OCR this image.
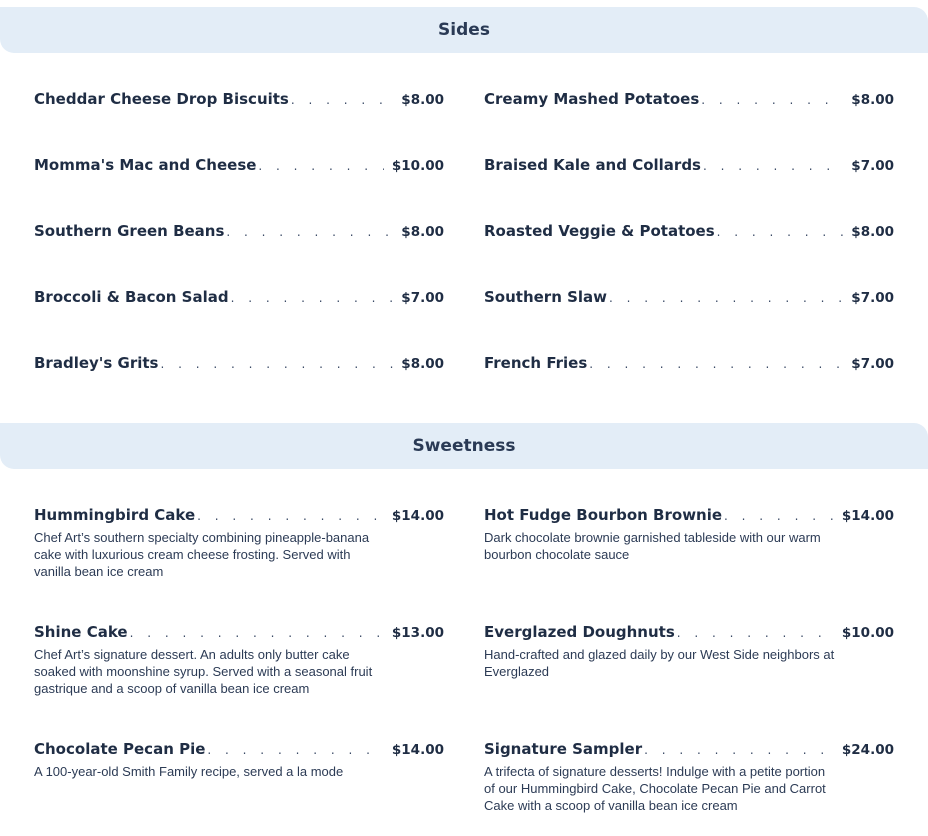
Sides
Cheddar Cheese Drop Biscuits . . .	$8.00
Momma's Mac and Cheese . . .	$10.00
Southern Green Beans . . .	$8.00
Broccoli & Bacon Salad . . .	$7.00
Bradley's Grits . . .	$8.00
Creamy Mashed Potatoes . . .	$8.00
Braised Kale and Collards . . .	$7.00
Roasted Veggie & Potatoes . . .	$8.00
Southern Slaw . . .	$7.00
French Fries . . .	$7.00
Sweetness
Hummingbird Cake . . .	$14.00
Chef Art’s southern specialty combining pineapple-banana cake with luxurious cream cheese frosting. Served with vanilla bean ice cream
Shine Cake . . .	$13.00
Chef Art’s signature dessert. An adults only butter cake soaked with moonshine syrup. Served with a seasonal fruit gastrique and a scoop of vanilla bean ice cream
Chocolate Pecan Pie . . .	$14.00
A 100-year-old Smith Family recipe, served a la mode
Hot Fudge Bourbon Brownie . . .	$14.00
Dark chocolate brownie garnished tableside with our warm bourbon chocolate sauce
Everglazed Doughnuts . . .	$10.00
Hand-crafted and glazed daily by our West Side neighbors at Everglazed
Signature Sampler . . .	$24.00
A trifecta of signature desserts! Indulge with a petite portion of our Hummingbird Cake, Chocolate Pecan Pie and Carrot Cake with a scoop of vanilla bean ice cream
